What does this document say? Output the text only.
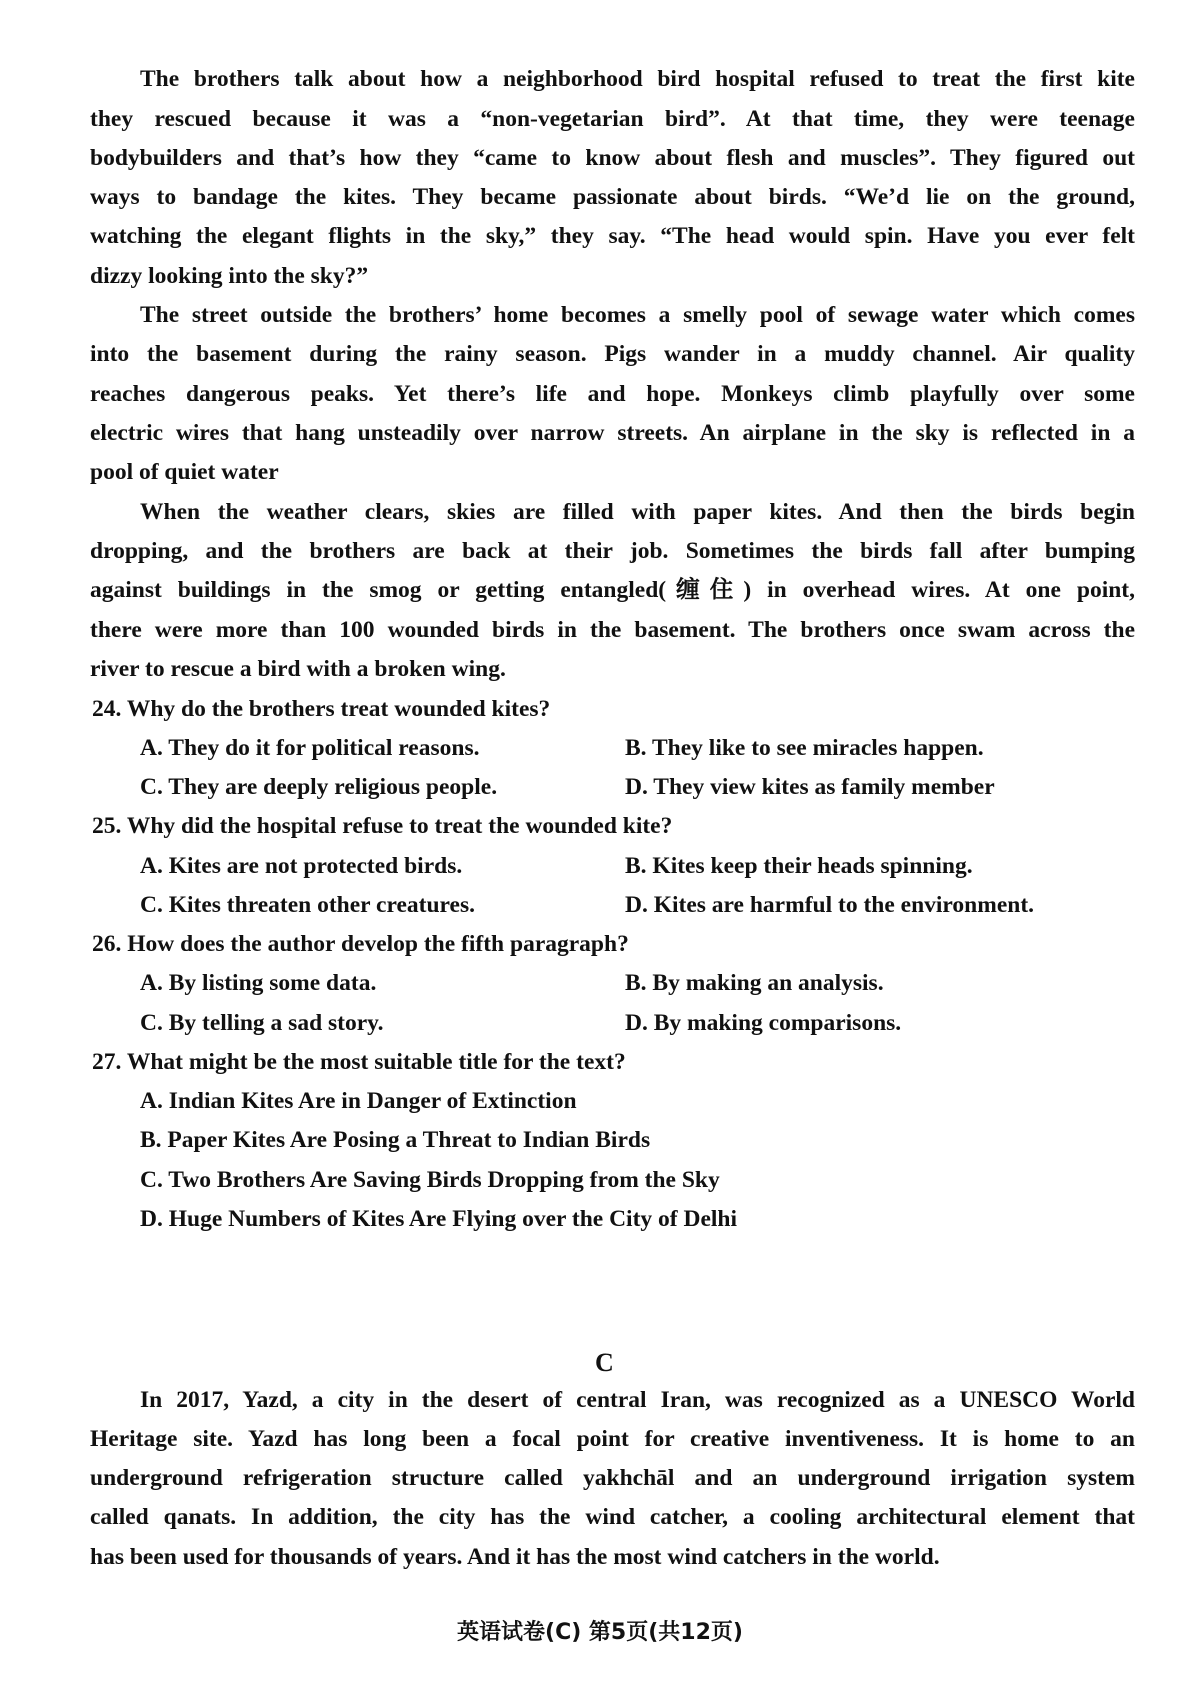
The brothers talk about how a neighborhood bird hospital refused to treat the first kite
they rescued because it was a “non-vegetarian bird”. At that time, they were teenage
bodybuilders and that’s how they “came to know about flesh and muscles”. They figured out
ways to bandage the kites. They became passionate about birds. “We’d lie on the ground,
watching the elegant flights in the sky,” they say. “The head would spin. Have you ever felt
dizzy looking into the sky?”
The street outside the brothers’ home becomes a smelly pool of sewage water which comes
into the basement during the rainy season. Pigs wander in a muddy channel. Air quality
reaches dangerous peaks. Yet there’s life and hope. Monkeys climb playfully over some
electric wires that hang unsteadily over narrow streets. An airplane in the sky is reflected in a
pool of quiet water
When the weather clears, skies are filled with paper kites. And then the birds begin
dropping, and the brothers are back at their job. Sometimes the birds fall after bumping
against buildings in the smog or getting entangled(缠住) in overhead wires. At one point,
there were more than 100 wounded birds in the basement. The brothers once swam across the
river to rescue a bird with a broken wing.
24. Why do the brothers treat wounded kites?
A. They do it for political reasons.	B. They like to see miracles happen.
C. They are deeply religious people.	D. They view kites as family member
25. Why did the hospital refuse to treat the wounded kite?
A. Kites are not protected birds.	B. Kites keep their heads spinning.
C. Kites threaten other creatures.	D. Kites are harmful to the environment.
26. How does the author develop the fifth paragraph?
A. By listing some data.	B. By making an analysis.
C. By telling a sad story.	D. By making comparisons.
27. What might be the most suitable title for the text?
A. Indian Kites Are in Danger of Extinction
B. Paper Kites Are Posing a Threat to Indian Birds
C. Two Brothers Are Saving Birds Dropping from the Sky
D. Huge Numbers of Kites Are Flying over the City of Delhi
C
In 2017, Yazd, a city in the desert of central Iran, was recognized as a UNESCO World
Heritage site. Yazd has long been a focal point for creative inventiveness. It is home to an
underground refrigeration structure called yakhchāl and an underground irrigation system
called qanats. In addition, the city has the wind catcher, a cooling architectural element that
has been used for thousands of years. And it has the most wind catchers in the world.
英语试卷(C) 第5页(共12页)
